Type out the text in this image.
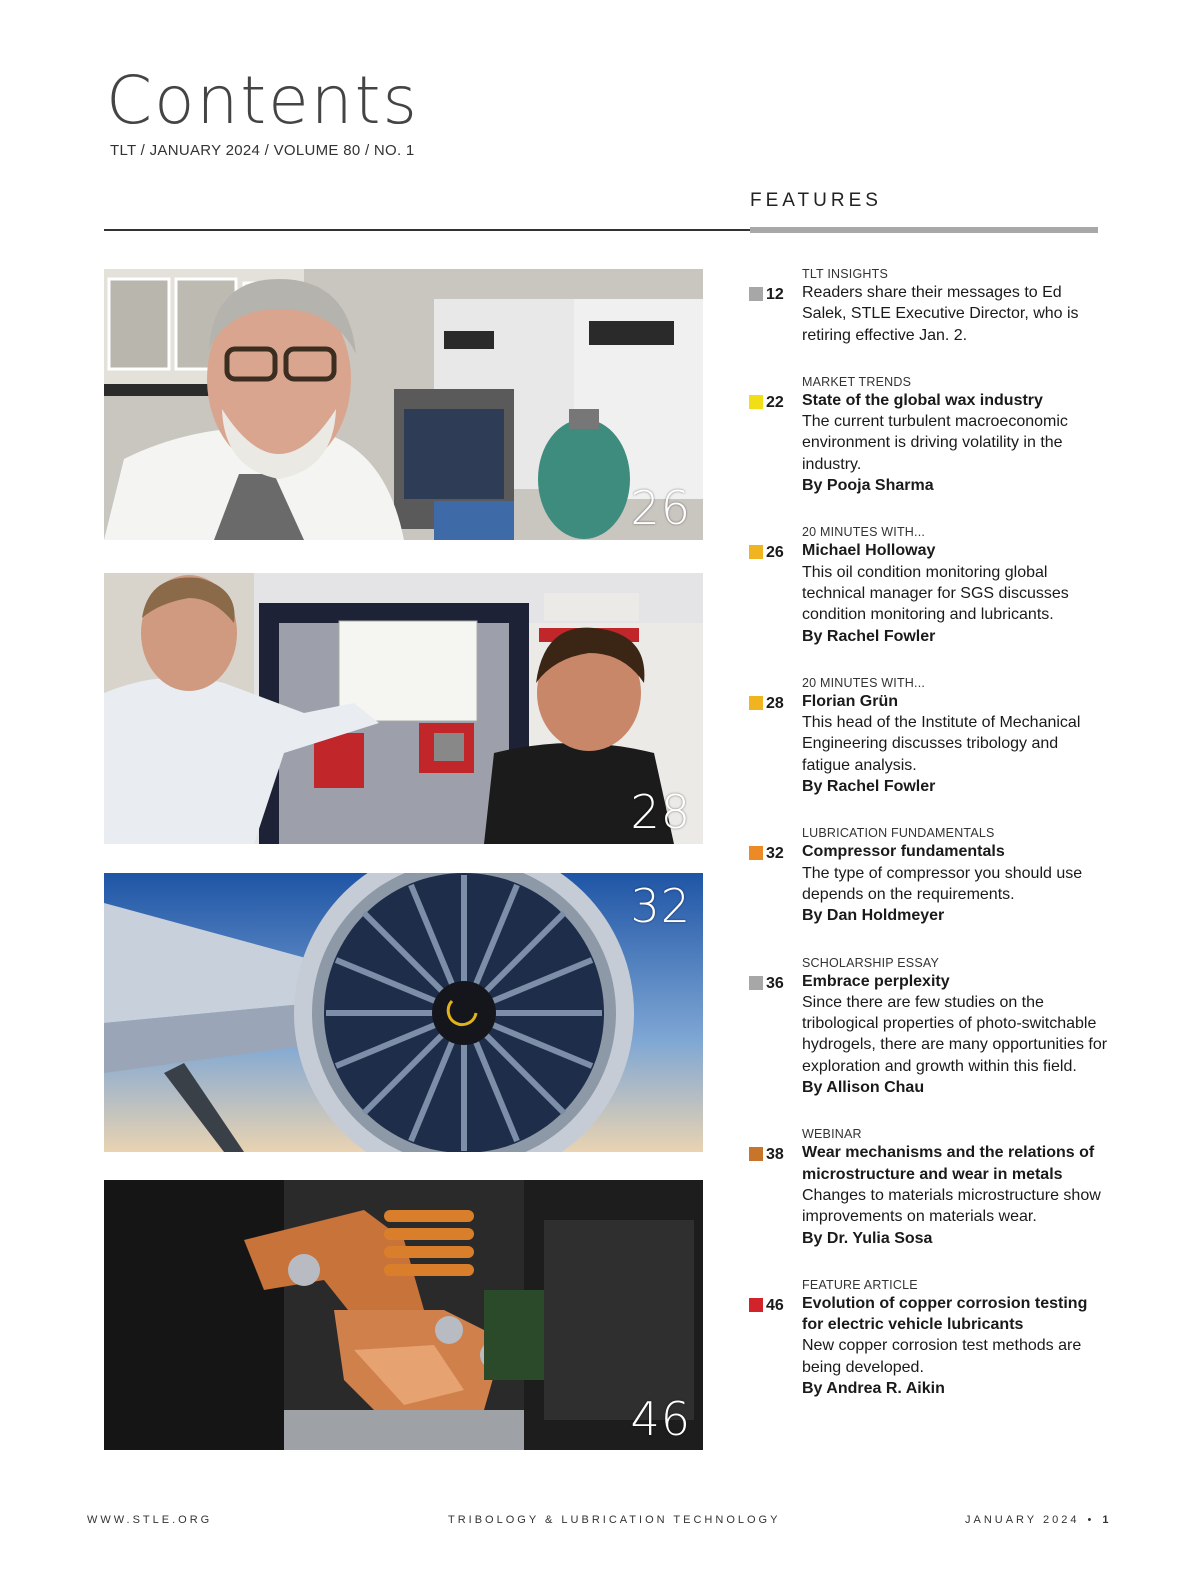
Contents
TLT / JANUARY 2024 / VOLUME 80 / NO. 1
FEATURES
26
28
32
46
TLT INSIGHTS
12 Readers share their messages to Ed Salek, STLE Executive Director, who is retiring effective Jan. 2.
MARKET TRENDS
22 State of the global wax industry
The current turbulent macroeconomic environment is driving volatility in the industry.
By Pooja Sharma
20 MINUTES WITH...
26 Michael Holloway
This oil condition monitoring global technical manager for SGS discusses condition monitoring and lubricants.
By Rachel Fowler
20 MINUTES WITH...
28 Florian Grün
This head of the Institute of Mechanical Engineering discusses tribology and fatigue analysis.
By Rachel Fowler
LUBRICATION FUNDAMENTALS
32 Compressor fundamentals
The type of compressor you should use depends on the requirements.
By Dan Holdmeyer
SCHOLARSHIP ESSAY
36 Embrace perplexity
Since there are few studies on the tribological properties of photo-switchable hydrogels, there are many opportunities for exploration and growth within this field.
By Allison Chau
WEBINAR
38 Wear mechanisms and the relations of microstructure and wear in metals
Changes to materials microstructure show improvements on materials wear.
By Dr. Yulia Sosa
FEATURE ARTICLE
46 Evolution of copper corrosion testing for electric vehicle lubricants
New copper corrosion test methods are being developed.
By Andrea R. Aikin
WWW.STLE.ORG	TRIBOLOGY & LUBRICATION TECHNOLOGY	JANUARY 2024 • 1
